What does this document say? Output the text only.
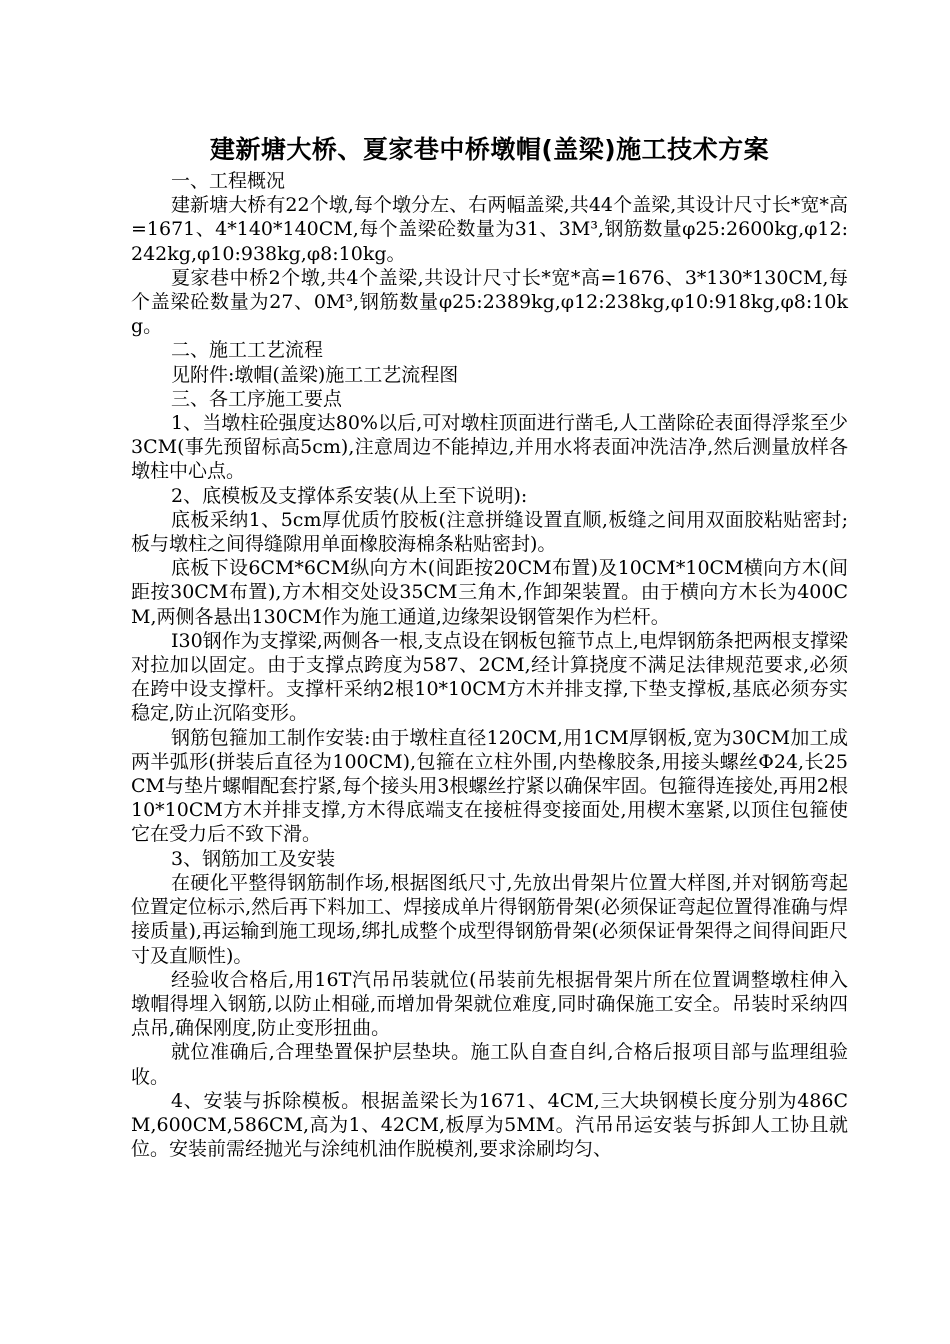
建新塘大桥、夏家巷中桥墩帽(盖梁)施工技术方案

一、工程概况

建新塘大桥有22个墩,每个墩分左、右两幅盖梁,共44个盖梁,其设计尺寸长*宽*高=1671、4*140*140CM,每个盖梁砼数量为31、3M³,钢筋数量φ25:2600kg,φ12:242kg,φ10:938kg,φ8:10kg。

夏家巷中桥2个墩,共4个盖梁,共设计尺寸长*宽*高=1676、3*130*130CM,每个盖梁砼数量为27、0M³,钢筋数量φ25:2389kg,φ12:238kg,φ10:918kg,φ8:10kg。

二、施工工艺流程

见附件:墩帽(盖梁)施工工艺流程图

三、各工序施工要点

1、当墩柱砼强度达80%以后,可对墩柱顶面进行凿毛,人工凿除砼表面得浮浆至少3CM(事先预留标高5cm),注意周边不能掉边,并用水将表面冲洗洁净,然后测量放样各墩柱中心点。

2、底模板及支撑体系安装(从上至下说明):

底板采纳1、5cm厚优质竹胶板(注意拼缝设置直顺,板缝之间用双面胶粘贴密封;板与墩柱之间得缝隙用单面橡胶海棉条粘贴密封)。

底板下设6CM*6CM纵向方木(间距按20CM布置)及10CM*10CM横向方木(间距按30CM布置),方木相交处设35CM三角木,作卸架装置。由于横向方木长为400CM,两侧各悬出130CM作为施工通道,边缘架设钢管架作为栏杆。

I30钢作为支撑梁,两侧各一根,支点设在钢板包箍节点上,电焊钢筋条把两根支撑梁对拉加以固定。由于支撑点跨度为587、2CM,经计算挠度不满足法律规范要求,必须在跨中设支撑杆。支撑杆采纳2根10*10CM方木并排支撑,下垫支撑板,基底必须夯实稳定,防止沉陷变形。

钢筋包箍加工制作安装:由于墩柱直径120CM,用1CM厚钢板,宽为30CM加工成两半弧形(拼装后直径为100CM),包箍在立柱外围,内垫橡胶条,用接头螺丝Φ24,长25CM与垫片螺帽配套拧紧,每个接头用3根螺丝拧紧以确保牢固。包箍得连接处,再用2根10*10CM方木并排支撑,方木得底端支在接桩得变接面处,用楔木塞紧,以顶住包箍使它在受力后不致下滑。

3、钢筋加工及安装

在硬化平整得钢筋制作场,根据图纸尺寸,先放出骨架片位置大样图,并对钢筋弯起位置定位标示,然后再下料加工、焊接成单片得钢筋骨架(必须保证弯起位置得准确与焊接质量),再运输到施工现场,绑扎成整个成型得钢筋骨架(必须保证骨架得之间得间距尺寸及直顺性)。

经验收合格后,用16T汽吊吊装就位(吊装前先根据骨架片所在位置调整墩柱伸入墩帽得埋入钢筋,以防止相碰,而增加骨架就位难度,同时确保施工安全。吊装时采纳四点吊,确保刚度,防止变形扭曲。

就位准确后,合理垫置保护层垫块。施工队自查自纠,合格后报项目部与监理组验收。

4、安装与拆除模板。根据盖梁长为1671、4CM,三大块钢模长度分别为486CM,600CM,586CM,高为1、42CM,板厚为5MM。汽吊吊运安装与拆卸人工协且就位。安装前需经抛光与涂纯机油作脱模剂,要求涂刷均匀、
